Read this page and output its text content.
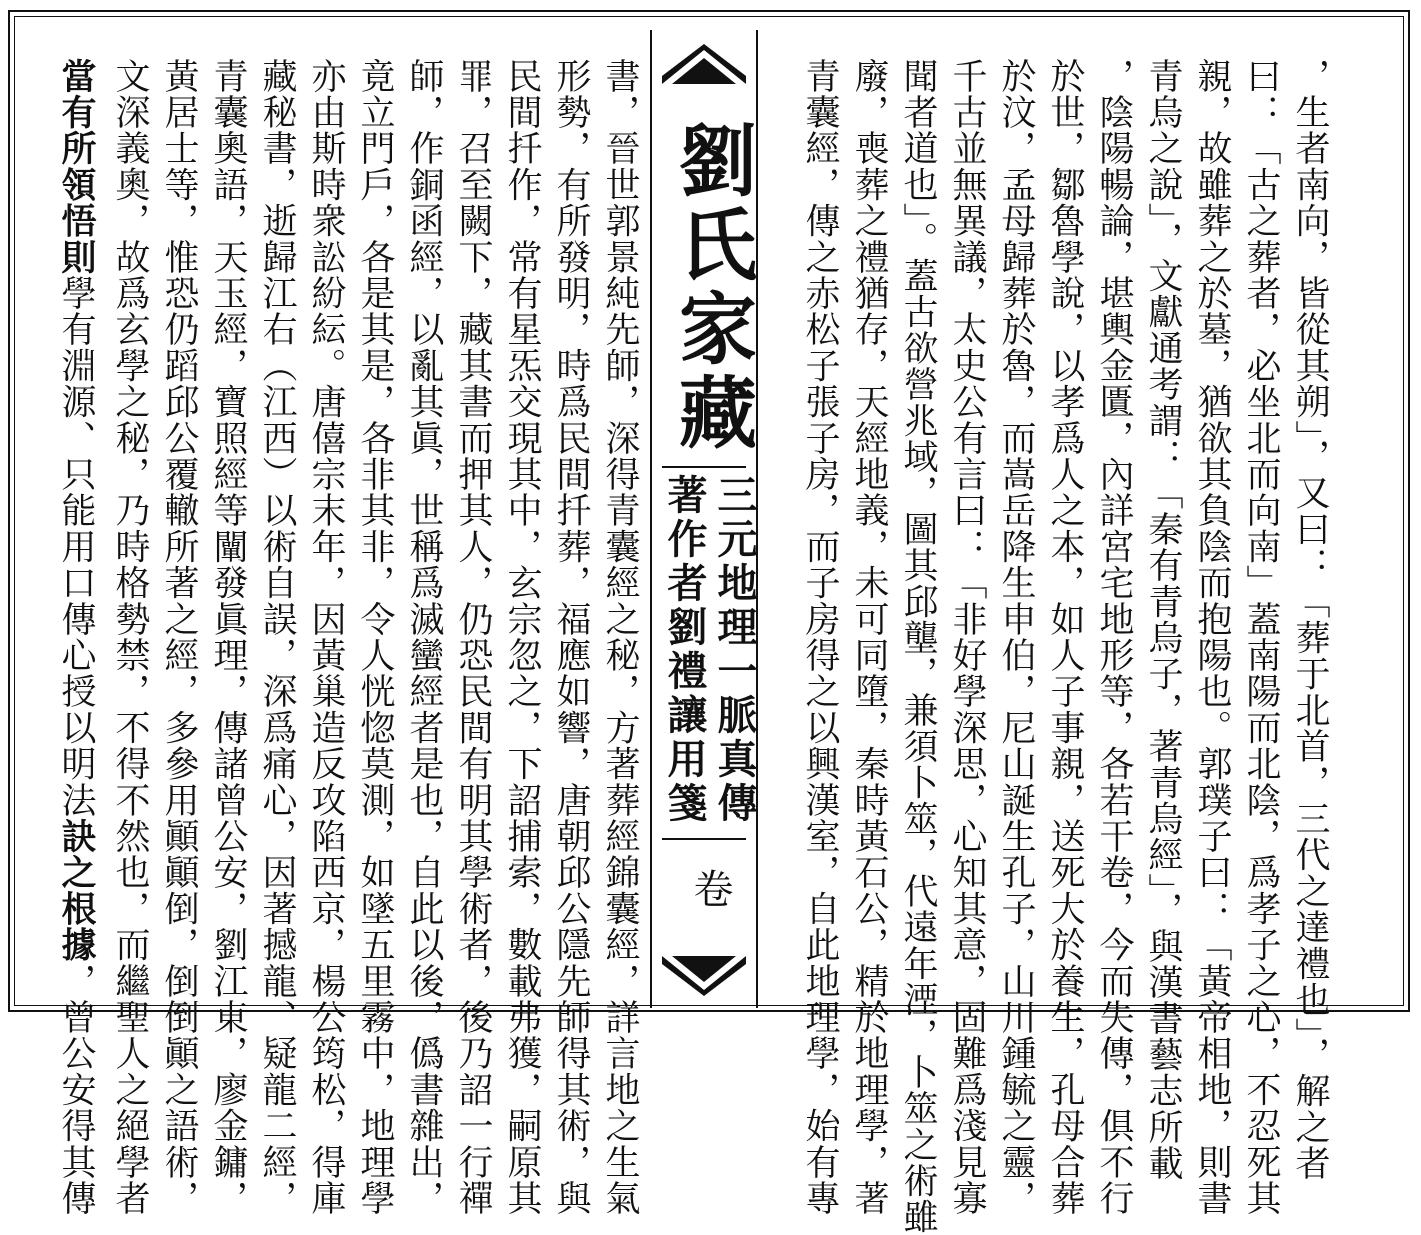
，生者南向，皆從其朔」，又曰：「葬于北首，三代之達禮也」，解之者
曰：「古之葬者，必坐北而向南」蓋南陽而北陰，爲孝子之心，不忍死其
親，故雖葬之於墓，猶欲其負陰而抱陽也。郭璞子曰：「黃帝相地，則書
青烏之說」，文獻通考謂：「秦有青烏子，著青烏經」，與漢書藝志所載
，陰陽暢論，堪輿金匱，內詳宮宅地形等，各若干卷，今而失傳，俱不行
於世，鄒魯學說，以孝爲人之本，如人子事親，送死大於養生，孔母合葬
於汶，孟母歸葬於魯，而嵩岳降生申伯，尼山誕生孔子，山川鍾毓之靈，
千古並無異議，太史公有言曰：「非好學深思，心知其意，固難爲淺見寡
聞者道也」。蓋古欲營兆域，圖其邱壟，兼須卜筮，代遠年湮，卜筮之術雖
廢，喪葬之禮猶存，天經地義，未可同墮，秦時黃石公，精於地理學，著
青囊經，傳之赤松子張子房，而子房得之以興漢室，自此地理學，始有專
劉氏家藏
三元地理一脈真傳
著作者劉禮讓用箋
卷
書，晉世郭景純先師，深得青囊經之秘，方著葬經錦囊經，詳言地之生氣
形勢，有所發明，時爲民間扦葬，福應如響，唐朝邱公隱先師得其術，與
民間扦作，常有星炁交現其中，玄宗忽之，下詔捕索，數載弗獲，嗣原其
罪，召至闕下，藏其書而押其人，仍恐民間有明其學術者，後乃詔一行禪
師，作銅函經，以亂其眞，世稱爲滅蠻經者是也，自此以後，僞書雜出，
竟立門戶，各是其是，各非其非，令人恍惚莫測，如墜五里霧中，地理學
亦由斯時衆訟紛紜。唐僖宗末年，因黃巢造反攻陷西京，楊公筠松，得庫
藏秘書，逝歸江右（江西）以術自誤，深爲痛心，因著撼龍、疑龍二經，
青囊奧語，天玉經，寶照經等闡發眞理，傳諸曾公安，劉江東，廖金鏞，
黃居士等，惟恐仍蹈邱公覆轍所著之經，多參用顚顚倒，倒倒顚之語術，
文深義奧，故爲玄學之秘，乃時格勢禁，不得不然也，而繼聖人之絕學者
當有所領悟則學有淵源、只能用口傳心授以明法訣之根據，曾公安得其傳
